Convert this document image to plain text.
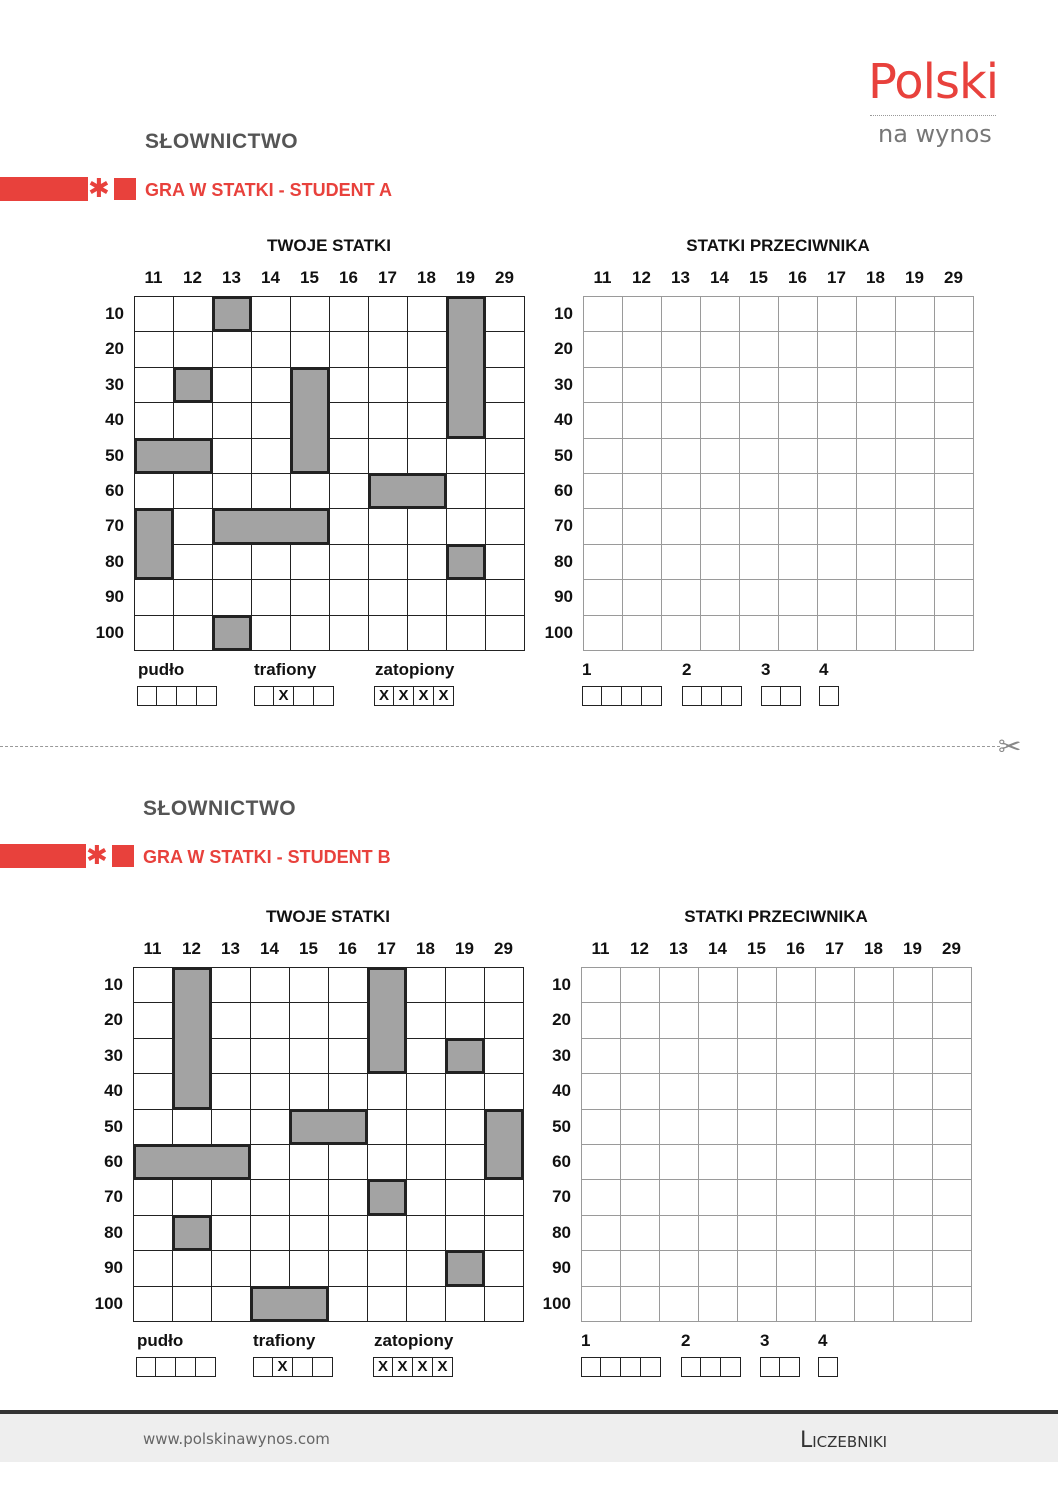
Polski
na wynos
SŁOWNICTWO
✱ GRA W STATKI - STUDENT A
SŁOWNICTWO
✱ GRA W STATKI - STUDENT B
TWOJE STATKI
11	12	13	14	15	16	17	18	19	29
10
20
30
40
50
60
70
80
90
100
STATKI PRZECIWNIKA
11	12	13	14	15	16	17	18	19	29
10
20
30
40
50
60
70
80
90
100
pudło	trafiony
X
zatopiony
X X X X
1	2	3	4
TWOJE STATKI
11	12	13	14	15	16	17	18	19	29
10
20
30
40
50
60
70
80
90
100
STATKI PRZECIWNIKA
11	12	13	14	15	16	17	18	19	29
10
20
30
40
50
60
70
80
90
100
pudło	trafiony
X
zatopiony
X X X X
1	2	3	4
✂
www.polskinawynos.com	Liczebniki
